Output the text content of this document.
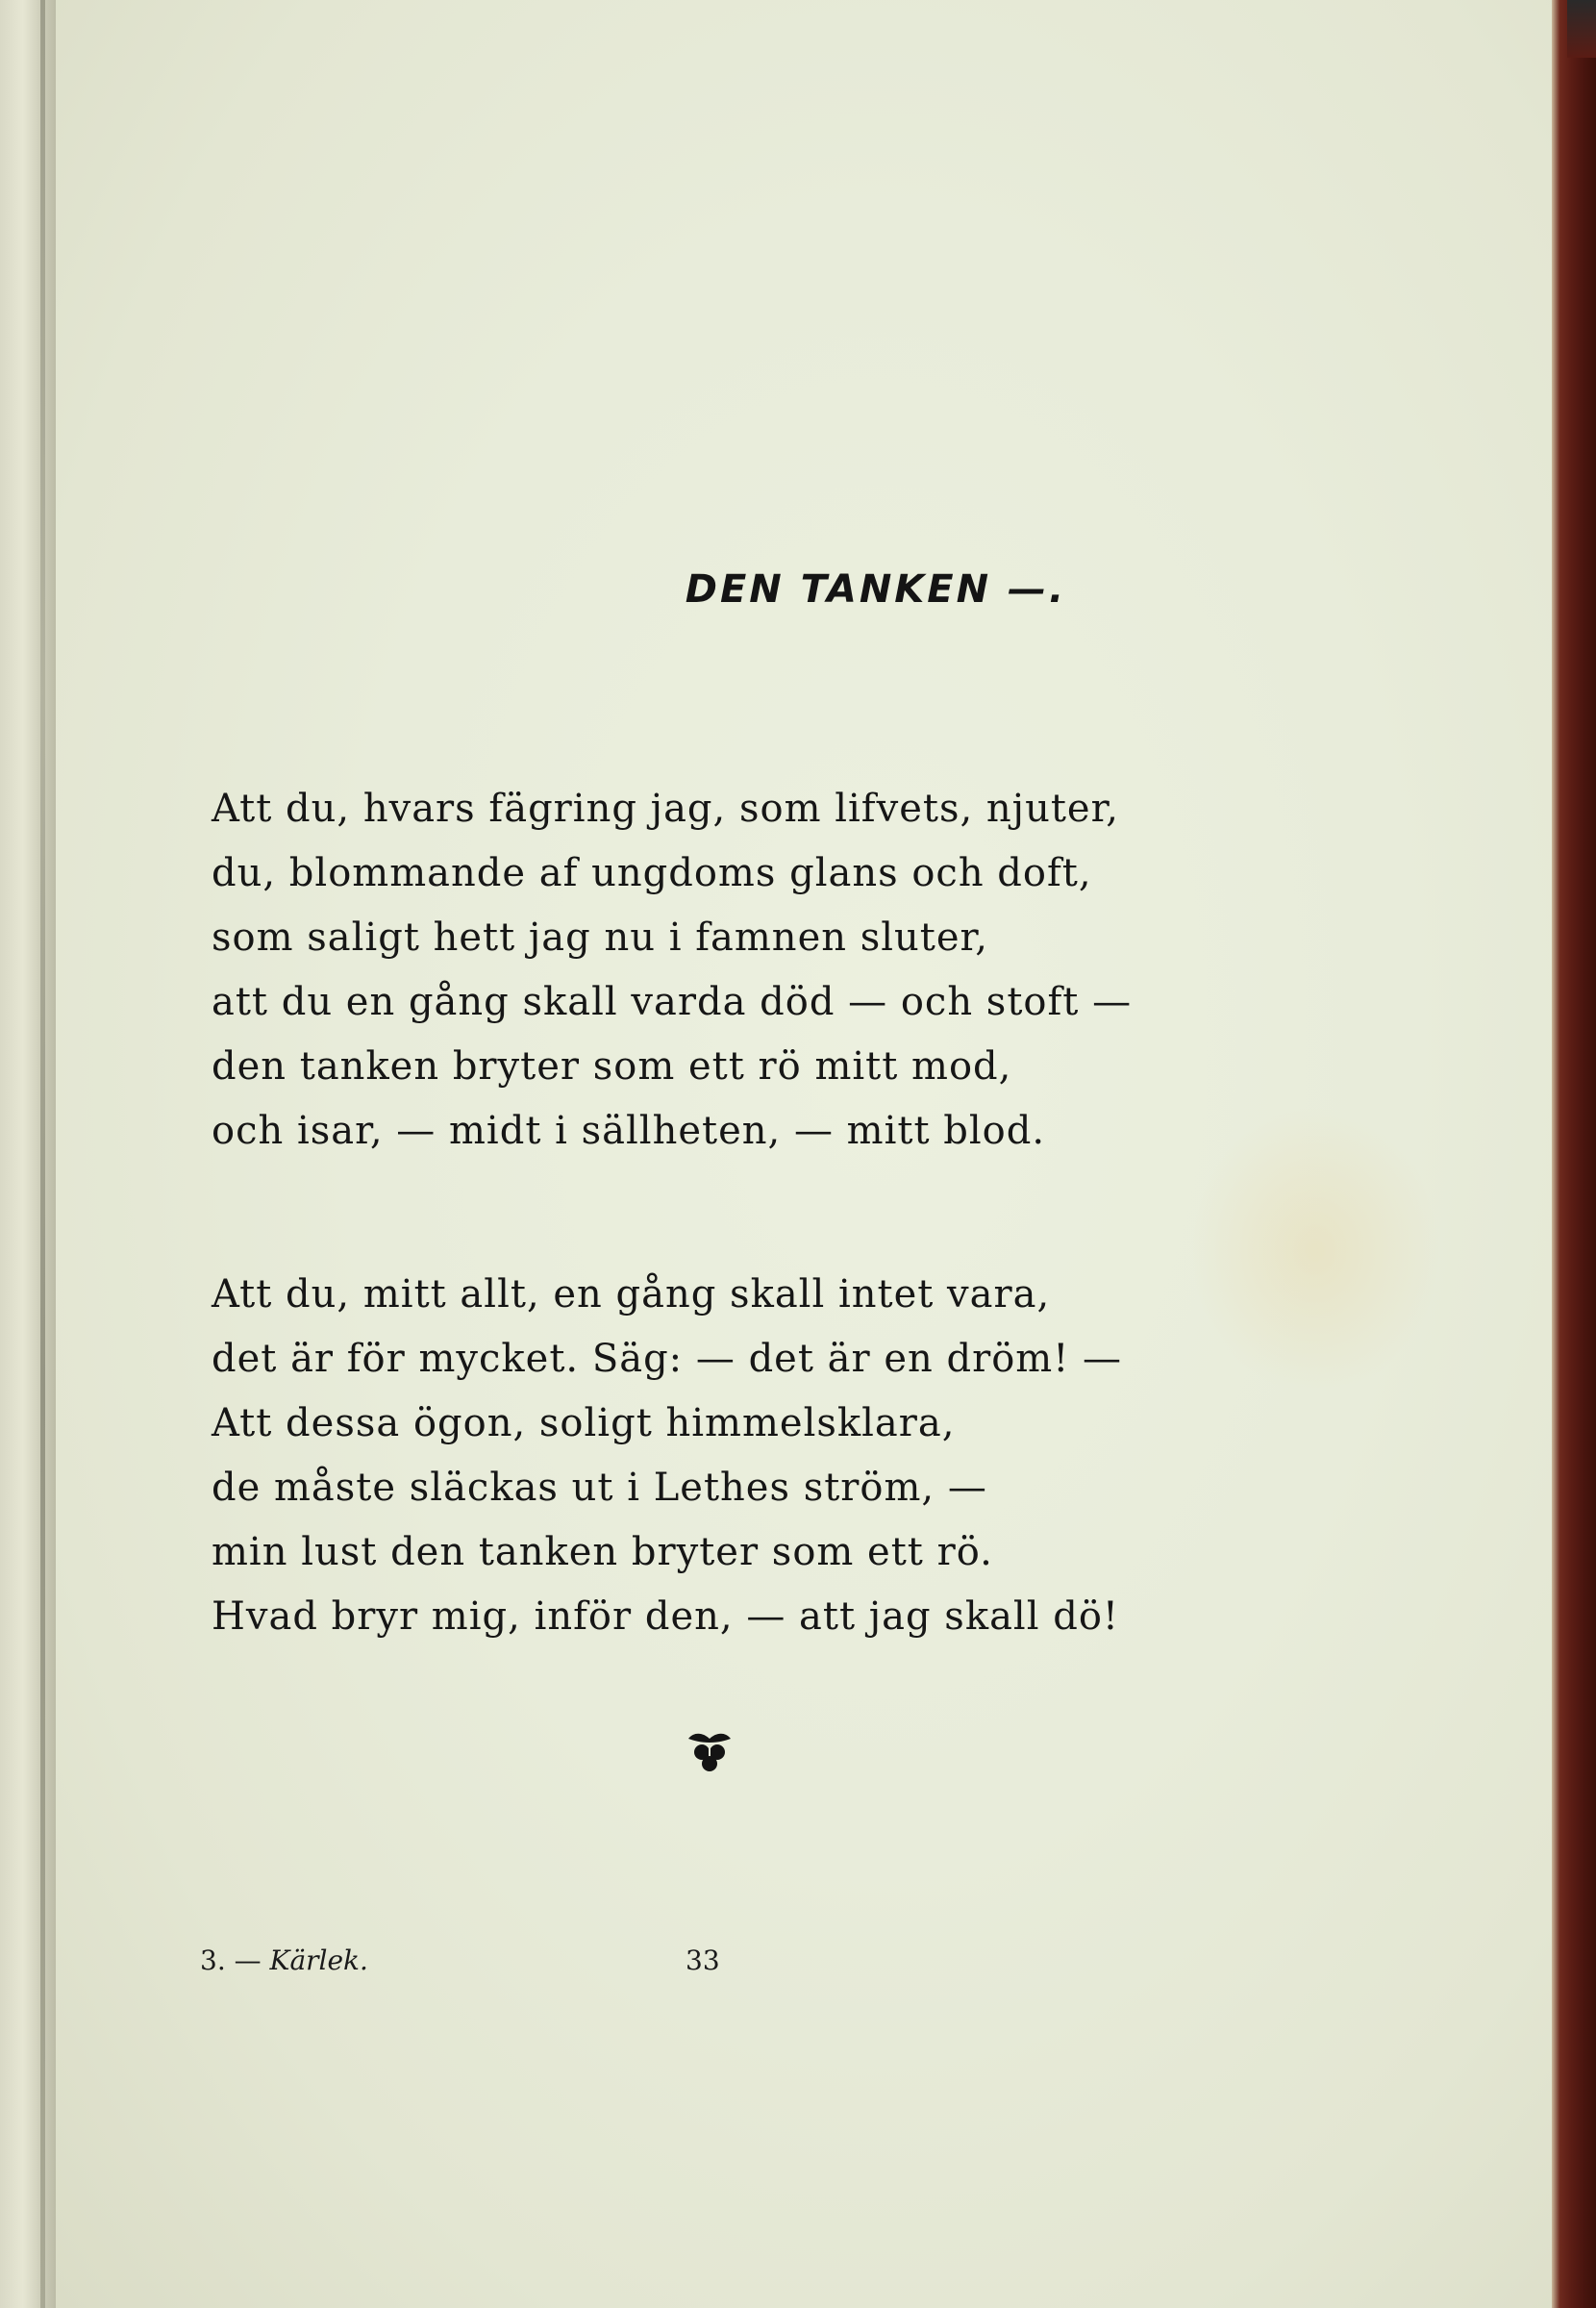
DEN TANKEN —.
Att du, hvars fägring jag, som lifvets, njuter,
du, blommande af ungdoms glans och doft,
som saligt hett jag nu i famnen sluter,
att du en gång skall varda död — och stoft —
den tanken bryter som ett rö mitt mod,
och isar, — midt i sällheten, — mitt blod.
Att du, mitt allt, en gång skall intet vara,
det är för mycket. Säg: — det är en dröm! —
Att dessa ögon, soligt himmelsklara,
de måste släckas ut i Lethes ström, —
min lust den tanken bryter som ett rö.
Hvad bryr mig, inför den, — att jag skall dö!
3. — Kärlek.	33
